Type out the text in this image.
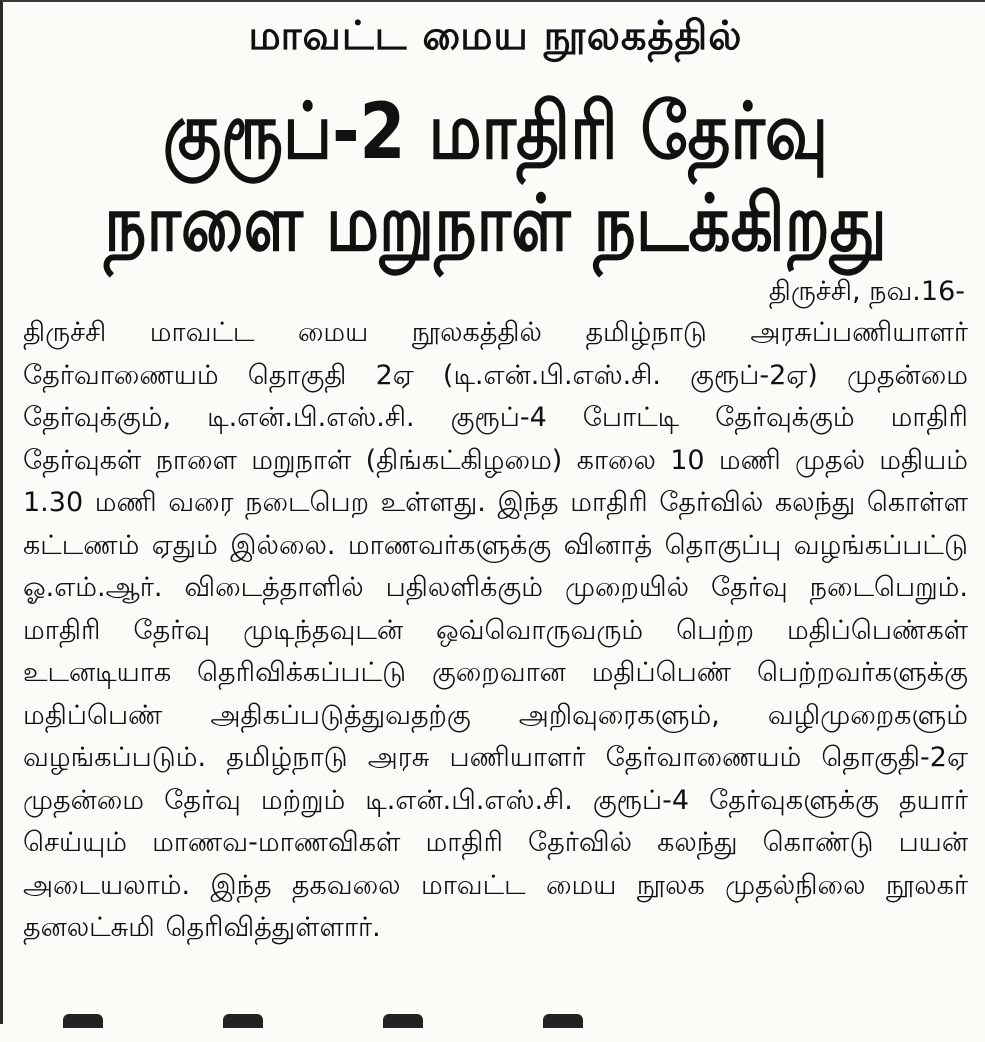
மாவட்ட மைய நூலகத்தில்
குரூப்-2 மாதிரி தேர்வு
நாளை மறுநாள் நடக்கிறது
திருச்சி, நவ.16-
திருச்சி மாவட்ட மைய நூலகத்தில் தமிழ்நாடு அரசுப்பணியாளர் தேர்வாணையம் தொகுதி 2ஏ (டி.என்.பி.எஸ்.சி. குரூப்-2ஏ) முதன்மை தேர்வுக்கும், டி.என்.பி.எஸ்.சி. குரூப்-4 போட்டி தேர்வுக்கும் மாதிரி தேர்வுகள் நாளை மறுநாள் (திங்கட்கிழமை) காலை 10 மணி முதல் மதியம் 1.30 மணி வரை நடைபெற உள்ளது. இந்த மாதிரி தேர்வில் கலந்து கொள்ள கட்டணம் ஏதும் இல்லை. மாணவர்களுக்கு வினாத் தொகுப்பு வழங்கப்பட்டு ஓ.எம்.ஆர். விடைத்தாளில் பதிலளிக்கும் முறையில் தேர்வு நடைபெறும். மாதிரி தேர்வு முடிந்தவுடன் ஒவ்வொருவரும் பெற்ற மதிப்பெண்கள் உடனடியாக தெரிவிக்கப்பட்டு குறைவான மதிப்பெண் பெற்றவர்களுக்கு மதிப்பெண் அதிகப்படுத்துவதற்கு அறிவுரைகளும், வழிமுறைகளும் வழங்கப்படும். தமிழ்நாடு அரசு பணியாளர் தேர்வாணையம் தொகுதி-2ஏ முதன்மை தேர்வு மற்றும் டி.என்.பி.எஸ்.சி. குரூப்-4 தேர்வுகளுக்கு தயார் செய்யும் மாணவ-மாணவிகள் மாதிரி தேர்வில் கலந்து கொண்டு பயன் அடையலாம். இந்த தகவலை மாவட்ட மைய நூலக முதல்நிலை நூலகர் தனலட்சுமி தெரிவித்துள்ளார்.
